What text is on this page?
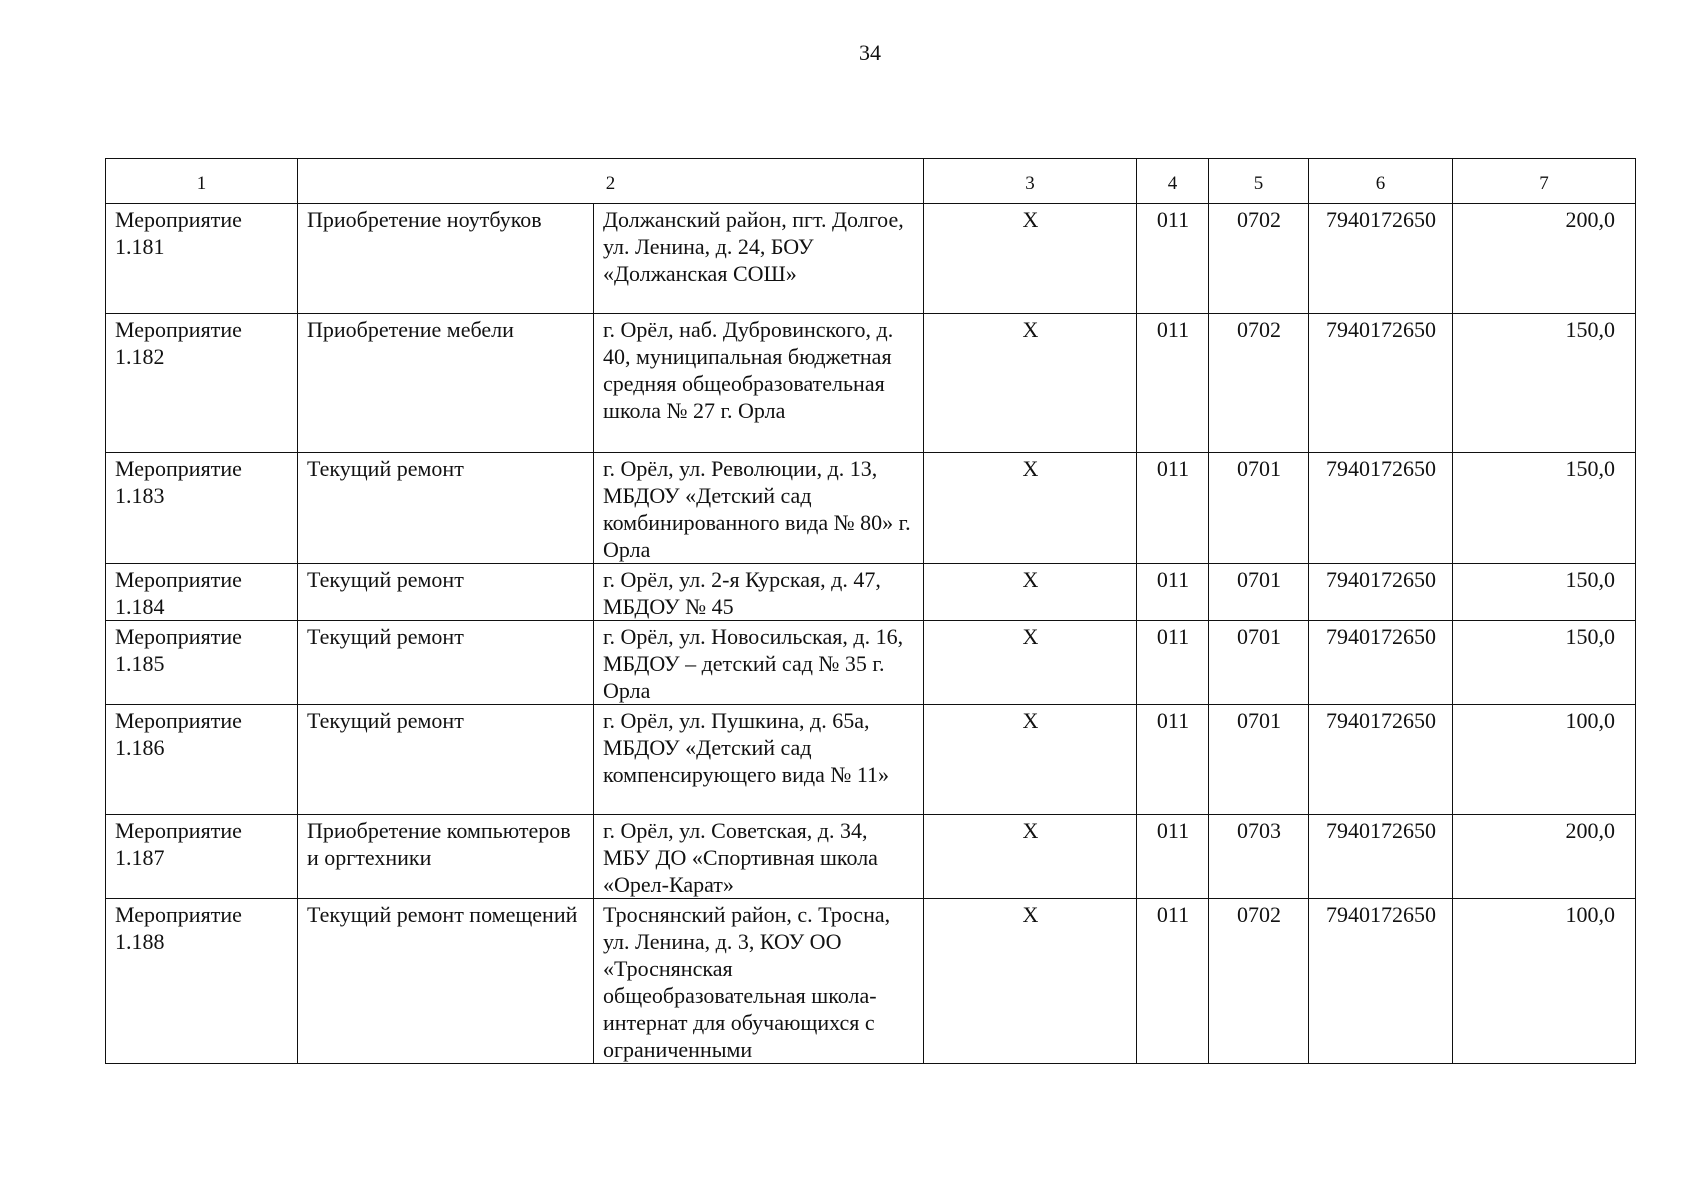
34
1	2		3	4	5	6	7
Мероприятие 1.181	Приобретение ноутбуков	Должанский район, пгт. Долгое, ул. Ленина, д. 24, БОУ «Должанская СОШ»	Х	011	0702	7940172650	200,0
Мероприятие 1.182	Приобретение мебели	г. Орёл, наб. Дубровинского, д. 40, муниципальная бюджетная средняя общеобразовательная школа № 27 г. Орла	Х	011	0702	7940172650	150,0
Мероприятие 1.183	Текущий ремонт	г. Орёл, ул. Революции, д. 13, МБДОУ «Детский сад комбинированного вида № 80» г. Орла	Х	011	0701	7940172650	150,0
Мероприятие 1.184	Текущий ремонт	г. Орёл, ул. 2-я Курская, д. 47, МБДОУ № 45	Х	011	0701	7940172650	150,0
Мероприятие 1.185	Текущий ремонт	г. Орёл, ул. Новосильская, д. 16, МБДОУ – детский сад № 35 г. Орла	Х	011	0701	7940172650	150,0
Мероприятие 1.186	Текущий ремонт	г. Орёл, ул. Пушкина, д. 65а, МБДОУ «Детский сад компенсирующего вида № 11»	Х	011	0701	7940172650	100,0
Мероприятие 1.187	Приобретение компьютеров и оргтехники	г. Орёл, ул. Советская, д. 34, МБУ ДО «Спортивная школа «Орел-Карат»	Х	011	0703	7940172650	200,0
Мероприятие 1.188	Текущий ремонт помещений	Троснянский район, с. Тросна, ул. Ленина, д. 3, КОУ ОО «Троснянская общеобразовательная школа-интернат для обучающихся с ограниченными	Х	011	0702	7940172650	100,0
